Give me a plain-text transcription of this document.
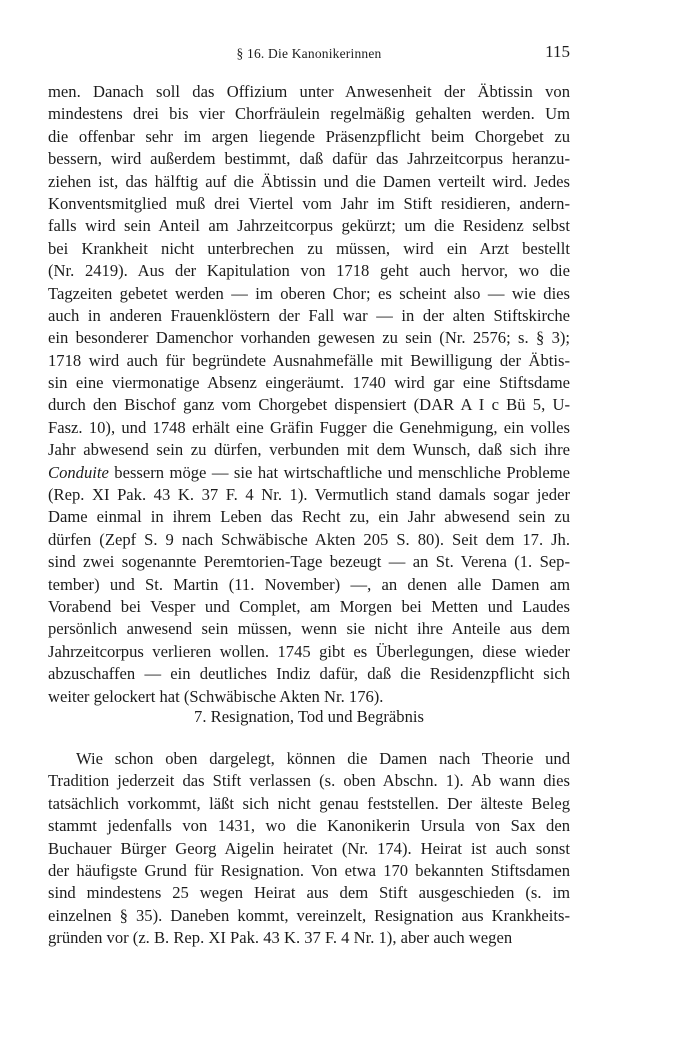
§ 16. Die Kanonikerinnen	115

men. Danach soll das Offizium unter Anwesenheit der Äbtissin von
mindestens drei bis vier Chorfräulein regelmäßig gehalten werden. Um
die offenbar sehr im argen liegende Präsenzpflicht beim Chorgebet zu
bessern, wird außerdem bestimmt, daß dafür das Jahrzeitcorpus heranzu-
ziehen ist, das hälftig auf die Äbtissin und die Damen verteilt wird. Jedes
Konventsmitglied muß drei Viertel vom Jahr im Stift residieren, andern-
falls wird sein Anteil am Jahrzeitcorpus gekürzt; um die Residenz selbst
bei Krankheit nicht unterbrechen zu müssen, wird ein Arzt bestellt
(Nr. 2419). Aus der Kapitulation von 1718 geht auch hervor, wo die
Tagzeiten gebetet werden — im oberen Chor; es scheint also — wie dies
auch in anderen Frauenklöstern der Fall war — in der alten Stiftskirche
ein besonderer Damenchor vorhanden gewesen zu sein (Nr. 2576; s. § 3);
1718 wird auch für begründete Ausnahmefälle mit Bewilligung der Äbtis-
sin eine viermonatige Absenz eingeräumt. 1740 wird gar eine Stiftsdame
durch den Bischof ganz vom Chorgebet dispensiert (DAR A I c Bü 5, U-
Fasz. 10), und 1748 erhält eine Gräfin Fugger die Genehmigung, ein volles
Jahr abwesend sein zu dürfen, verbunden mit dem Wunsch, daß sich ihre
Conduite bessern möge — sie hat wirtschaftliche und menschliche Probleme
(Rep. XI Pak. 43 K. 37 F. 4 Nr. 1). Vermutlich stand damals sogar jeder
Dame einmal in ihrem Leben das Recht zu, ein Jahr abwesend sein zu
dürfen (Zepf S. 9 nach Schwäbische Akten 205 S. 80). Seit dem 17. Jh.
sind zwei sogenannte Peremtorien-Tage bezeugt — an St. Verena (1. Sep-
tember) und St. Martin (11. November) —, an denen alle Damen am
Vorabend bei Vesper und Complet, am Morgen bei Metten und Laudes
persönlich anwesend sein müssen, wenn sie nicht ihre Anteile aus dem
Jahrzeitcorpus verlieren wollen. 1745 gibt es Überlegungen, diese wieder
abzuschaffen — ein deutliches Indiz dafür, daß die Residenzpflicht sich
weiter gelockert hat (Schwäbische Akten Nr. 176).

7. Resignation, Tod und Begräbnis

Wie schon oben dargelegt, können die Damen nach Theorie und
Tradition jederzeit das Stift verlassen (s. oben Abschn. 1). Ab wann dies
tatsächlich vorkommt, läßt sich nicht genau feststellen. Der älteste Beleg
stammt jedenfalls von 1431, wo die Kanonikerin Ursula von Sax den
Buchauer Bürger Georg Aigelin heiratet (Nr. 174). Heirat ist auch sonst
der häufigste Grund für Resignation. Von etwa 170 bekannten Stiftsdamen
sind mindestens 25 wegen Heirat aus dem Stift ausgeschieden (s. im
einzelnen § 35). Daneben kommt, vereinzelt, Resignation aus Krankheits-
gründen vor (z. B. Rep. XI Pak. 43 K. 37 F. 4 Nr. 1), aber auch wegen
